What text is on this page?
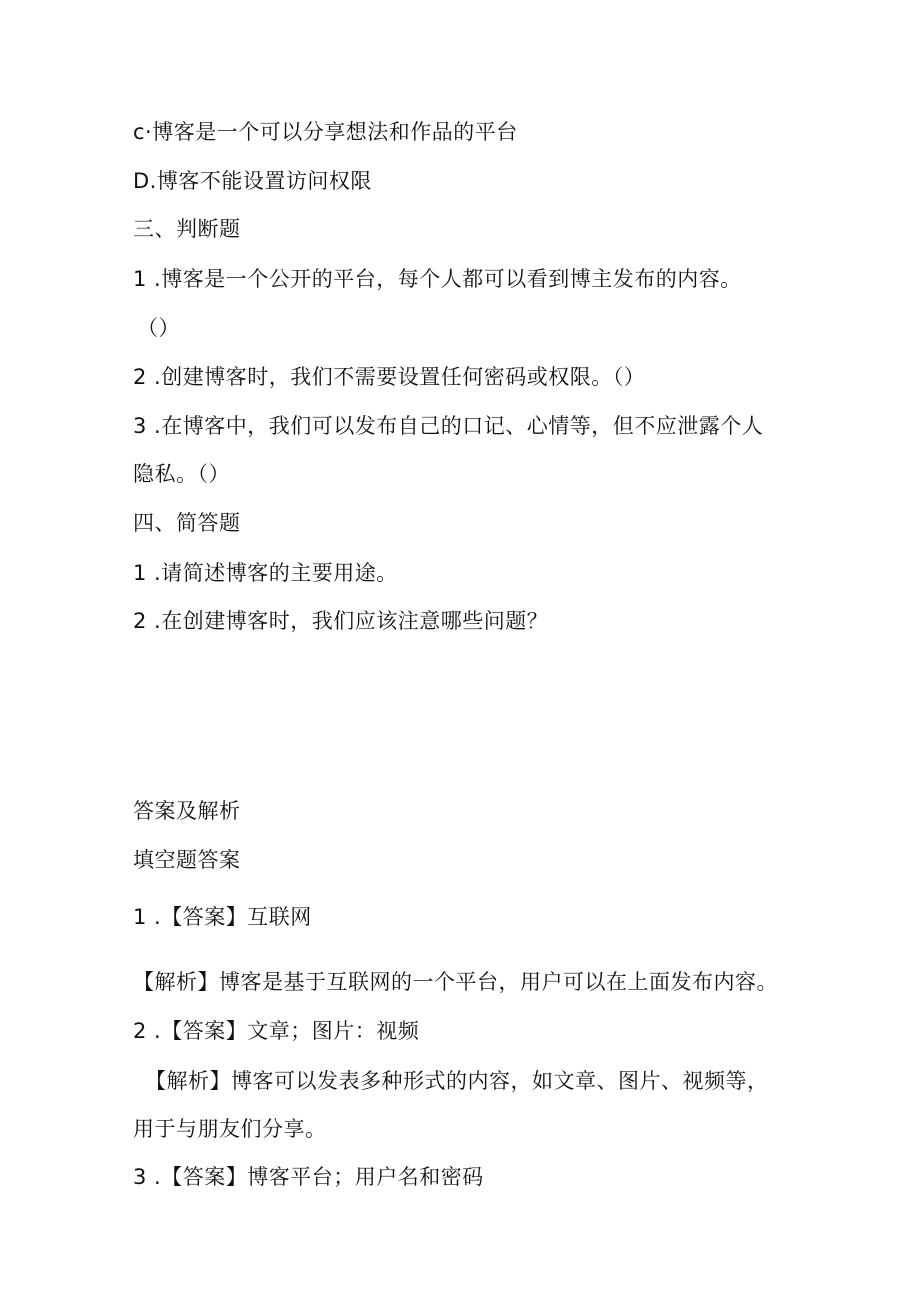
c·博客是一个可以分享想法和作品的平台
D.博客不能设置访问权限
三、判断题
1 .博客是一个公开的平台，每个人都可以看到博主发布的内容。
（）
2 .创建博客时，我们不需要设置任何密码或权限。（）
3 .在博客中，我们可以发布自己的口记、心情等，但不应泄露个人
隐私。（）
四、简答题
1 .请简述博客的主要用途。
2 .在创建博客时，我们应该注意哪些问题？
答案及解析
填空题答案
1 .【答案】互联网
【解析】博客是基于互联网的一个平台，用户可以在上面发布内容。
2 .【答案】文章；图片：视频
【解析】博客可以发表多种形式的内容，如文章、图片、视频等，
用于与朋友们分享。
3 .【答案】博客平台；用户名和密码
